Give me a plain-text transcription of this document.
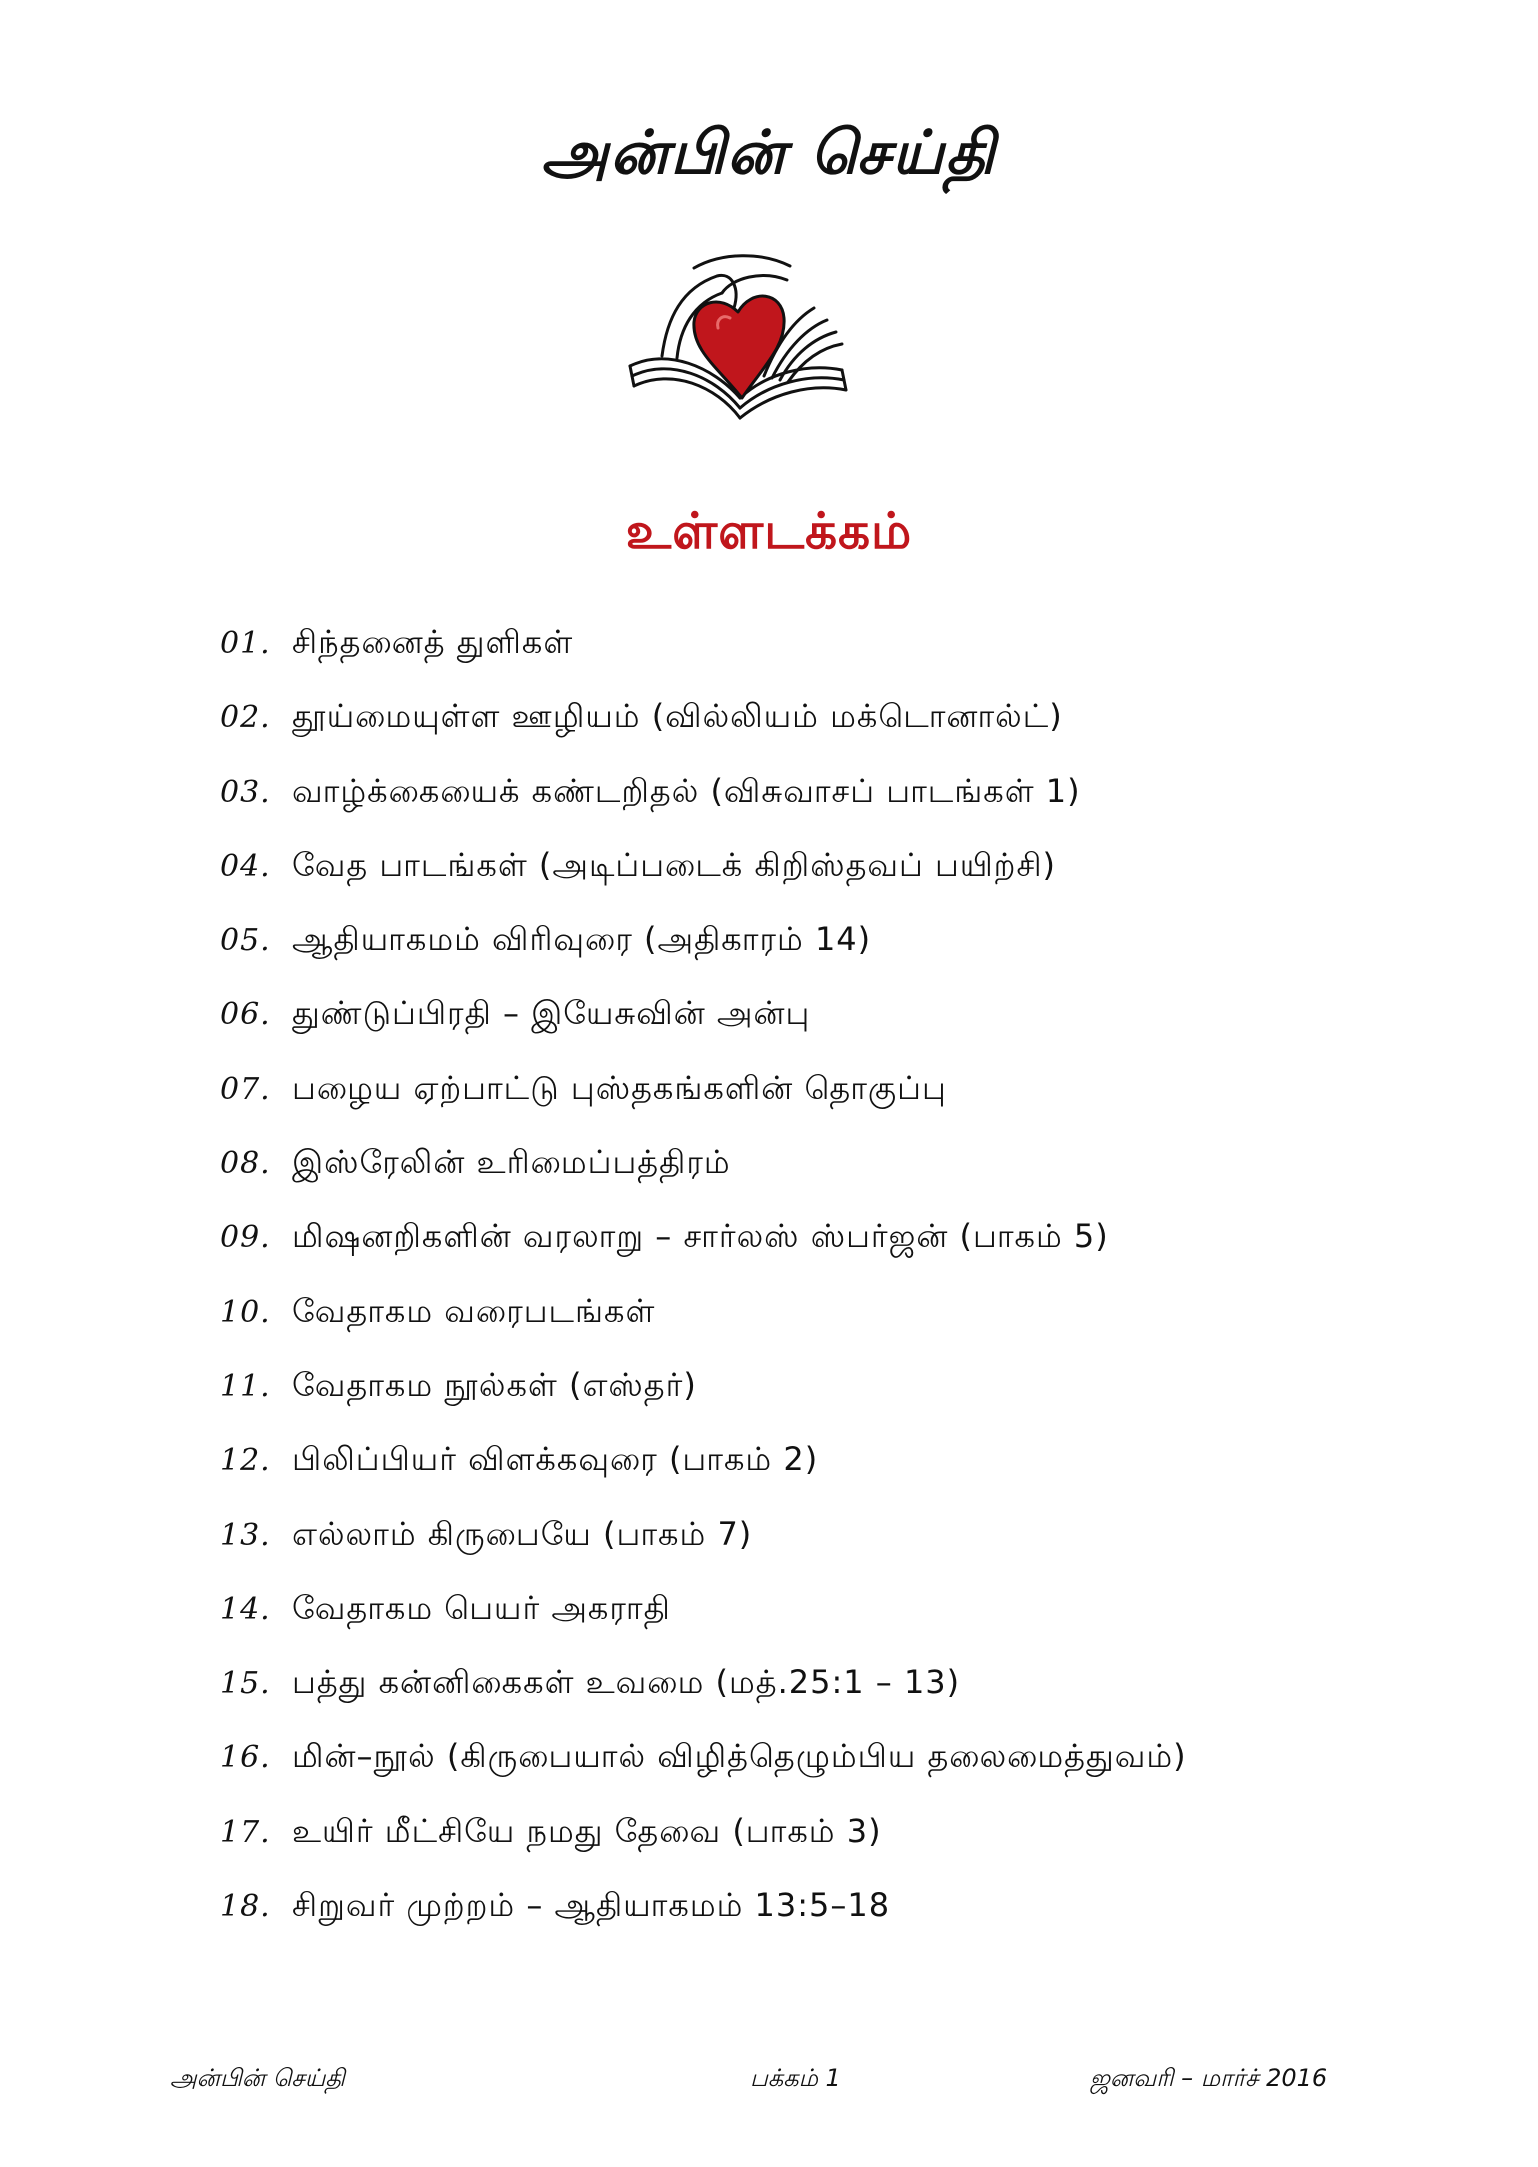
அன்பின் செய்தி
உள்ளடக்கம்
01. சிந்தனைத் துளிகள்
02. தூய்மையுள்ள ஊழியம் (வில்லியம் மக்டொனால்ட்)
03. வாழ்க்கையைக் கண்டறிதல் (விசுவாசப் பாடங்கள் 1)
04. வேத பாடங்கள் (அடிப்படைக் கிறிஸ்தவப் பயிற்சி)
05. ஆதியாகமம் விரிவுரை (அதிகாரம் 14)
06. துண்டுப்பிரதி – இயேசுவின் அன்பு
07. பழைய ஏற்பாட்டு புஸ்தகங்களின் தொகுப்பு
08. இஸ்ரேலின் உரிமைப்பத்திரம்
09. மிஷனறிகளின் வரலாறு – சார்லஸ் ஸ்பர்ஜன் (பாகம் 5)
10. வேதாகம வரைபடங்கள்
11. வேதாகம நூல்கள் (எஸ்தர்)
12. பிலிப்பியர் விளக்கவுரை (பாகம் 2)
13. எல்லாம் கிருபையே (பாகம் 7)
14. வேதாகம பெயர் அகராதி
15. பத்து கன்னிகைகள் உவமை (மத்.25:1 – 13)
16. மின்–நூல் (கிருபையால் விழித்தெழும்பிய தலைமைத்துவம்)
17. உயிர் மீட்சியே நமது தேவை (பாகம் 3)
18. சிறுவர் முற்றம் – ஆதியாகமம் 13:5–18
அன்பின் செய்தி	பக்கம் 1	ஜனவரி – மார்ச் 2016
